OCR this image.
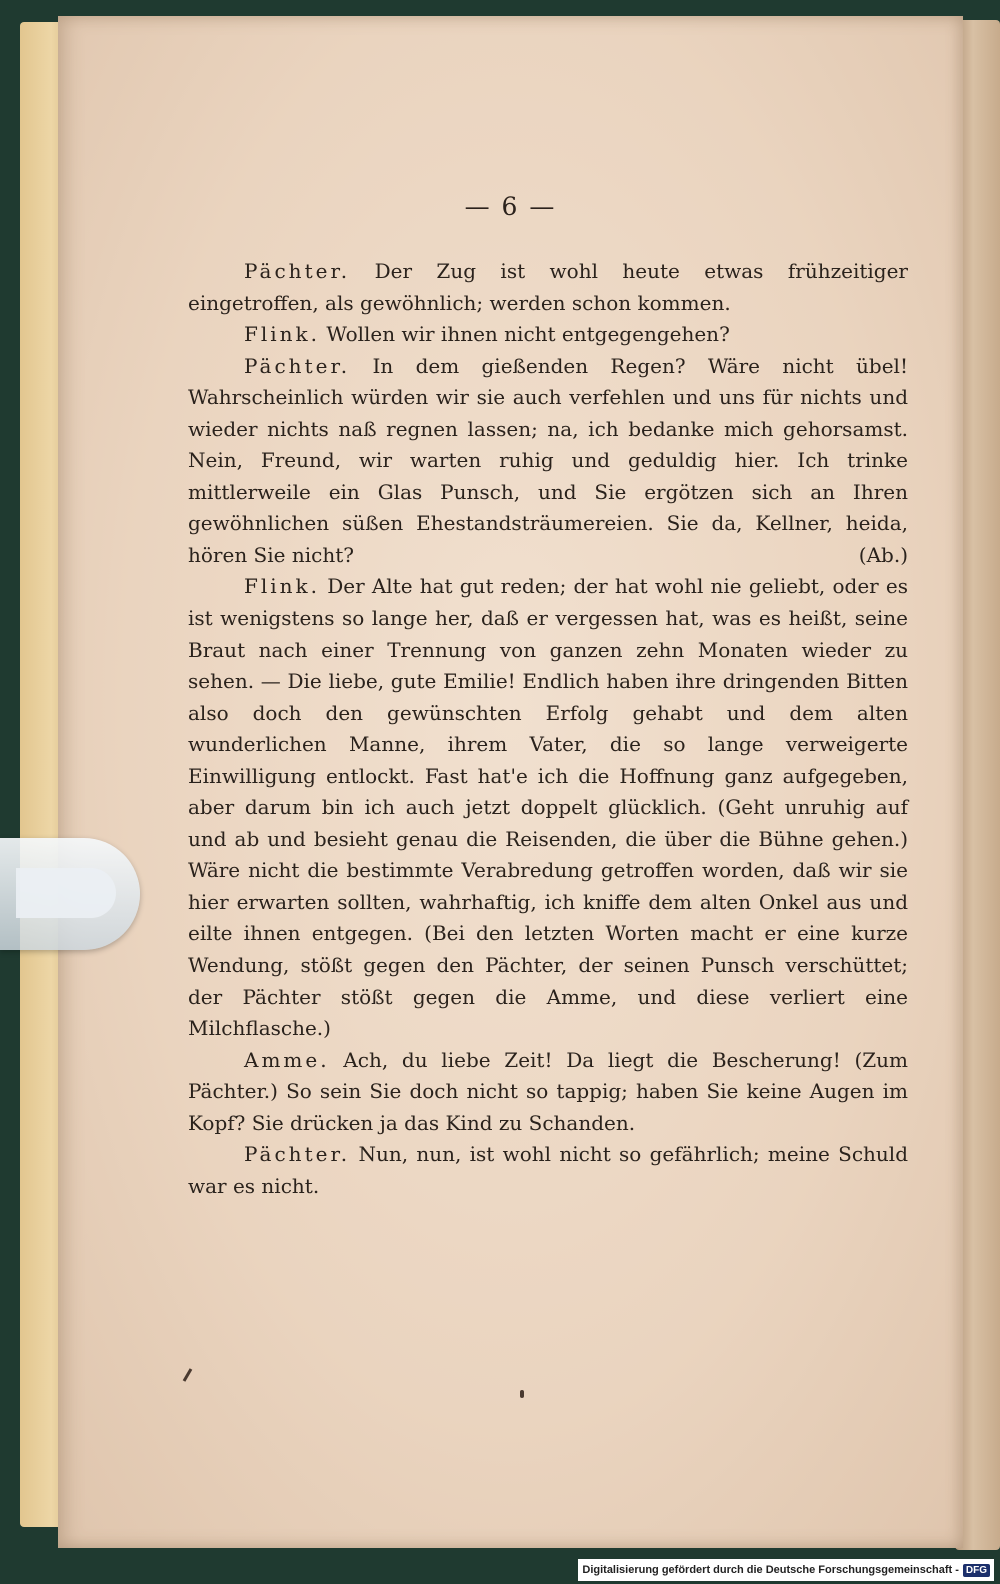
— 6 —

Pächter. Der Zug ist wohl heute etwas frühzeitiger eingetroffen, als gewöhnlich; werden schon kommen.

Flink. Wollen wir ihnen nicht entgegengehen?

Pächter. In dem gießenden Regen? Wäre nicht übel! Wahrscheinlich würden wir sie auch verfehlen und uns für nichts und wieder nichts naß regnen lassen; na, ich bedanke mich gehorsamst. Nein, Freund, wir warten ruhig und geduldig hier. Ich trinke mittlerweile ein Glas Punsch, und Sie ergötzen sich an Ihren gewöhnlichen süßen Ehestandsträumereien. Sie da, Kellner, heida, hören Sie nicht?	(Ab.)

Flink. Der Alte hat gut reden; der hat wohl nie geliebt, oder es ist wenigstens so lange her, daß er vergessen hat, was es heißt, seine Braut nach einer Trennung von ganzen zehn Monaten wieder zu sehen. — Die liebe, gute Emilie! Endlich haben ihre dringenden Bitten also doch den gewünschten Erfolg gehabt und dem alten wunderlichen Manne, ihrem Vater, die so lange verweigerte Einwilligung entlockt. Fast hat'e ich die Hoffnung ganz aufgegeben, aber darum bin ich auch jetzt doppelt glücklich. (Geht unruhig auf und ab und besieht genau die Reisenden, die über die Bühne gehen.) Wäre nicht die bestimmte Verabredung getroffen worden, daß wir sie hier erwarten sollten, wahrhaftig, ich kniffe dem alten Onkel aus und eilte ihnen entgegen. (Bei den letzten Worten macht er eine kurze Wendung, stößt gegen den Pächter, der seinen Punsch verschüttet; der Pächter stößt gegen die Amme, und diese verliert eine Milchflasche.)

Amme. Ach, du liebe Zeit! Da liegt die Bescherung! (Zum Pächter.) So sein Sie doch nicht so tappig; haben Sie keine Augen im Kopf? Sie drücken ja das Kind zu Schanden.

Pächter. Nun, nun, ist wohl nicht so gefährlich; meine Schuld war es nicht.

Digitalisierung gefördert durch die Deutsche Forschungsgemeinschaft - DFG
